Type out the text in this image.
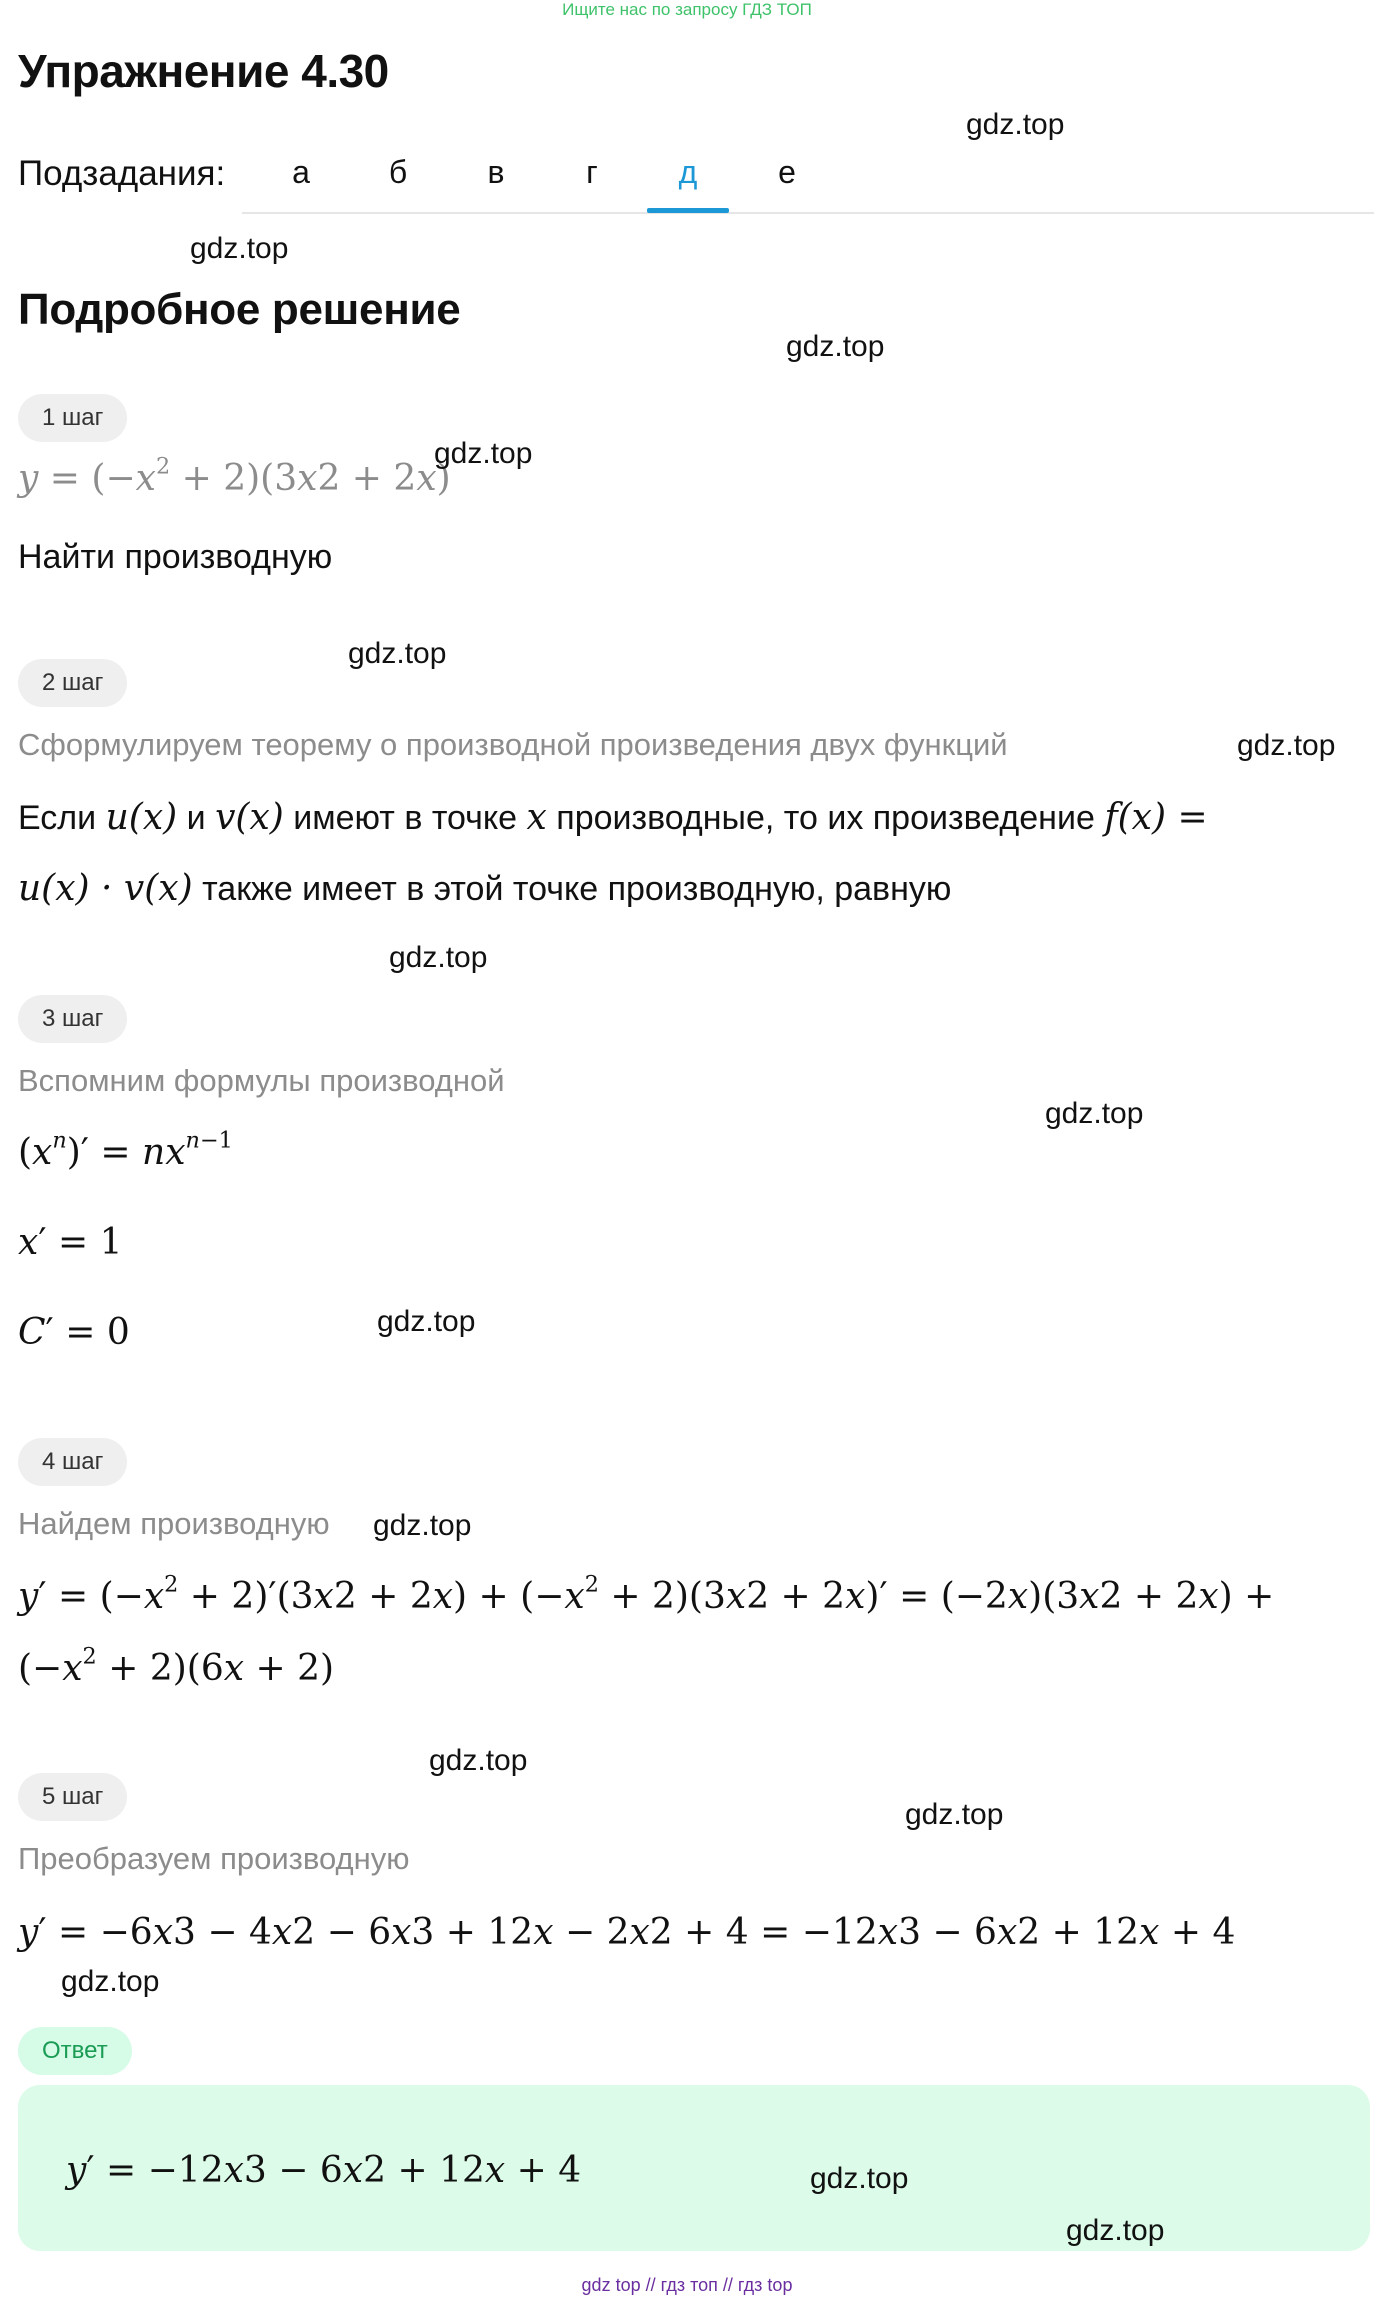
Ищите нас по запросу ГДЗ ТОП
Упражнение 4.30
Подзадания:	а	б	в	г	д	е
Подробное решение
1 шаг
$y = (-x^2 + 2)(3x2 + 2x)$
Найти производную
2 шаг
Сформулируем теорему о производной произведения двух функций
Если u(x) и v(x) имеют в точке x производные, то их произведение f(x) =
u(x) · v(x) также имеет в этой точке производную, равную
3 шаг
Вспомним формулы производной
$(x^n)' = nx^{n-1}$
x′ = 1
C′ = 0
4 шаг
Найдем производную
$y' = (-x^2 + 2)'(3x2 + 2x) + (-x^2 + 2)(3x2 + 2x)' = (-2x)(3x2 + 2x)$ +
$(-x^2 + 2)(6x + 2)$
5 шаг
Преобразуем производную
y′ = −6x3 − 4x2 − 6x3 + 12x − 2x2 + 4 = −12x3 − 6x2 + 12x + 4
Ответ
y′ = −12x3 − 6x2 + 12x + 4
gdz.top
gdz.top
gdz.top
gdz.top
gdz.top
gdz.top
gdz.top
gdz.top
gdz.top
gdz.top
gdz.top
gdz.top
gdz.top
gdz.top
gdz.top
gdz top // гдз топ // гдз top
